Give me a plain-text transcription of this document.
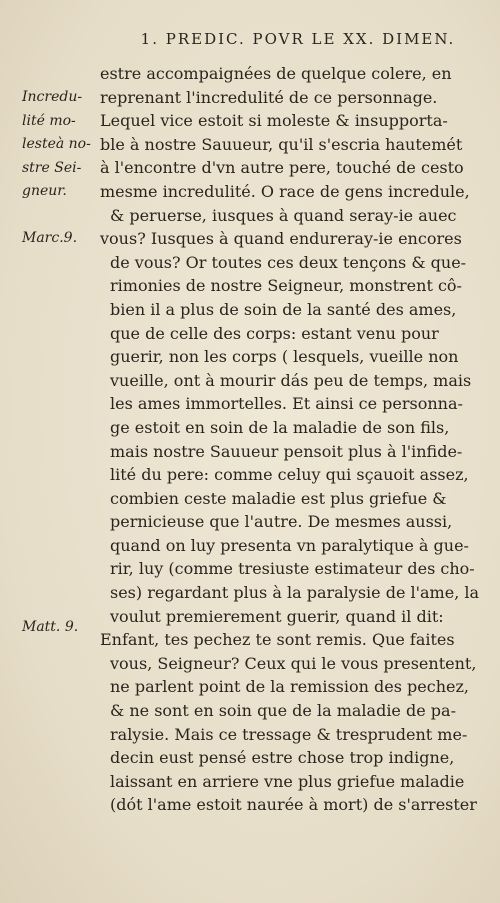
1. PREDIC. POVR LE XX. DIMEN.
Incredu-
lité mo-
lesteà no-
stre Sei-
gneur.
Marc.9.
Matt. 9.
estre accompaignées de quelque colere, en
reprenant l'incredulité de ce personnage.
Lequel vice estoit si moleste & insupporta-
ble à nostre Sauueur, qu'il s'escria hautemét
à l'encontre d'vn autre pere, touché de cesto
mesme incredulité. O race de gens incredule,
& peruerse, iusques à quand seray-ie auec
vous? Iusques à quand endureray-ie encores
de vous? Or toutes ces deux tençons & que-
rimonies de nostre Seigneur, monstrent cô-
bien il a plus de soin de la santé des ames,
que de celle des corps: estant venu pour
guerir, non les corps ( lesquels, vueille non
vueille, ont à mourir dás peu de temps, mais
les ames immortelles. Et ainsi ce personna-
ge estoit en soin de la maladie de son fils,
mais nostre Sauueur pensoit plus à l'infide-
lité du pere: comme celuy qui sçauoit assez,
combien ceste maladie est plus griefue &
pernicieuse que l'autre. De mesmes aussi,
quand on luy presenta vn paralytique à gue-
rir, luy (comme tresiuste estimateur des cho-
ses) regardant plus à la paralysie de l'ame, la
voulut premierement guerir, quand il dit:
Enfant, tes pechez te sont remis. Que faites
vous, Seigneur? Ceux qui le vous presentent,
ne parlent point de la remission des pechez,
& ne sont en soin que de la maladie de pa-
ralysie. Mais ce tressage & tresprudent me-
decin eust pensé estre chose trop indigne,
laissant en arriere vne plus griefue maladie
(dót l'ame estoit naurée à mort) de s'arrester
